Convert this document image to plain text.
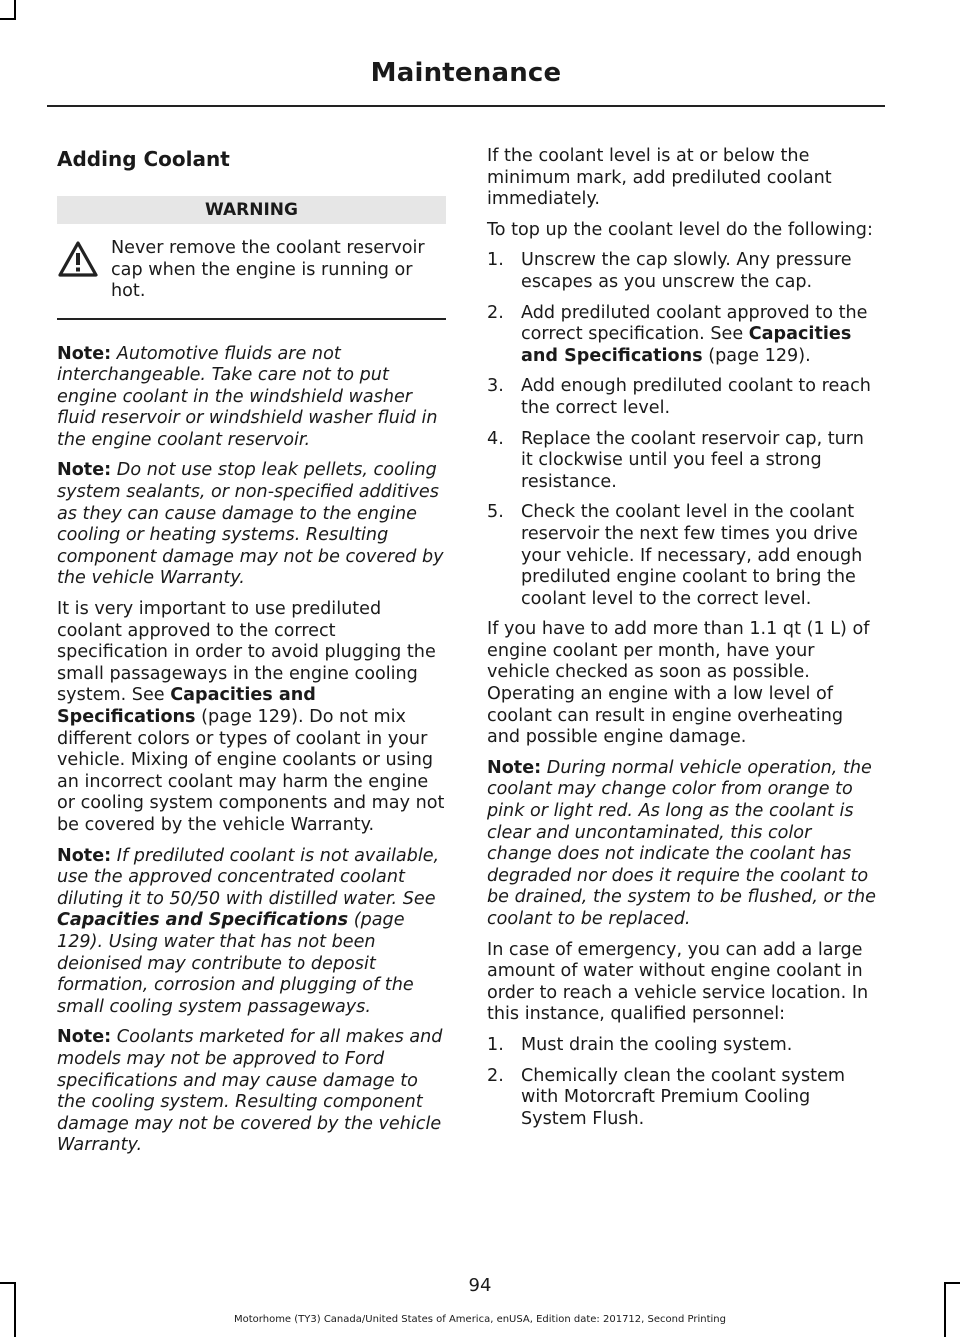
Maintenance
Adding Coolant
WARNING
Never remove the coolant reservoir cap when the engine is running or hot.

Note: Automotive fluids are not interchangeable. Take care not to put engine coolant in the windshield washer fluid reservoir or windshield washer fluid in the engine coolant reservoir.

Note: Do not use stop leak pellets, cooling system sealants, or non-specified additives as they can cause damage to the engine cooling or heating systems. Resulting component damage may not be covered by the vehicle Warranty.

It is very important to use prediluted coolant approved to the correct specification in order to avoid plugging the small passageways in the engine cooling system. See Capacities and Specifications (page 129). Do not mix different colors or types of coolant in your vehicle. Mixing of engine coolants or using an incorrect coolant may harm the engine or cooling system components and may not be covered by the vehicle Warranty.

Note: If prediluted coolant is not available, use the approved concentrated coolant diluting it to 50/50 with distilled water. See Capacities and Specifications (page 129). Using water that has not been deionised may contribute to deposit formation, corrosion and plugging of the small cooling system passageways.

Note: Coolants marketed for all makes and models may not be approved to Ford specifications and may cause damage to the cooling system. Resulting component damage may not be covered by the vehicle Warranty.

If the coolant level is at or below the minimum mark, add prediluted coolant immediately.

To top up the coolant level do the following:

1. Unscrew the cap slowly. Any pressure escapes as you unscrew the cap.
2. Add prediluted coolant approved to the correct specification. See Capacities and Specifications (page 129).
3. Add enough prediluted coolant to reach the correct level.
4. Replace the coolant reservoir cap, turn it clockwise until you feel a strong resistance.
5. Check the coolant level in the coolant reservoir the next few times you drive your vehicle. If necessary, add enough prediluted engine coolant to bring the coolant level to the correct level.

If you have to add more than 1.1 qt (1 L) of engine coolant per month, have your vehicle checked as soon as possible. Operating an engine with a low level of coolant can result in engine overheating and possible engine damage.

Note: During normal vehicle operation, the coolant may change color from orange to pink or light red. As long as the coolant is clear and uncontaminated, this color change does not indicate the coolant has degraded nor does it require the coolant to be drained, the system to be flushed, or the coolant to be replaced.

In case of emergency, you can add a large amount of water without engine coolant in order to reach a vehicle service location. In this instance, qualified personnel:

1. Must drain the cooling system.
2. Chemically clean the coolant system with Motorcraft Premium Cooling System Flush.
94
Motorhome (TY3) Canada/United States of America, enUSA, Edition date: 201712, Second Printing
